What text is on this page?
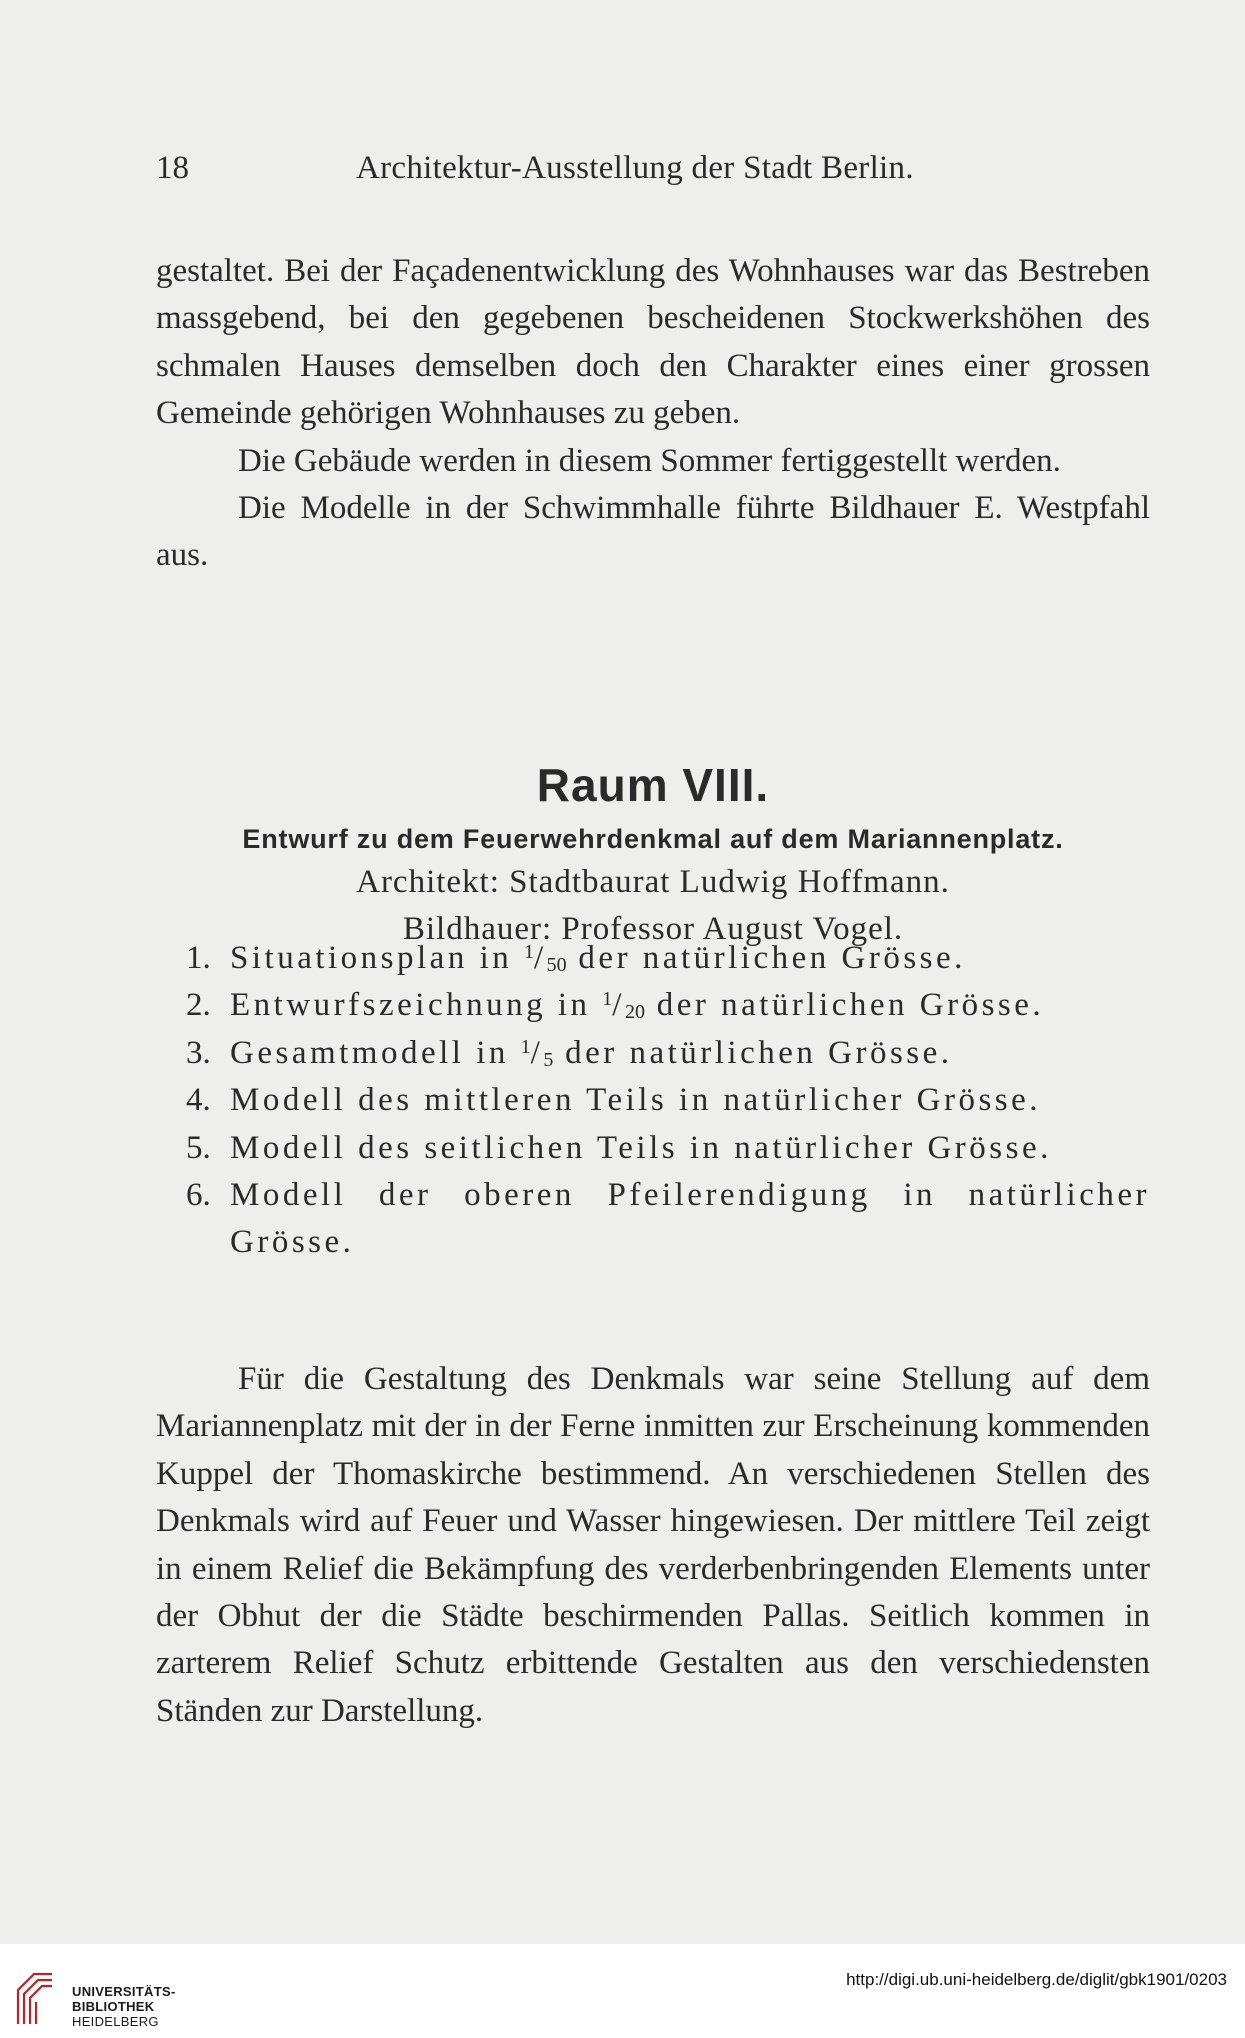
18	Architektur-Ausstellung der Stadt Berlin.

gestaltet. Bei der Façadenentwicklung des Wohnhauses war das Bestreben massgebend, bei den gegebenen bescheidenen Stockwerkshöhen des schmalen Hauses demselben doch den Charakter eines einer grossen Gemeinde gehörigen Wohnhauses zu geben.

Die Gebäude werden in diesem Sommer fertiggestellt werden.

Die Modelle in der Schwimmhalle führte Bildhauer E. Westpfahl aus.

Raum VIII.
Entwurf zu dem Feuerwehrdenkmal auf dem Mariannenplatz.
Architekt: Stadtbaurat Ludwig Hoffmann.
Bildhauer: Professor August Vogel.
1. Situationsplan in $^1/_{50}$ der natürlichen Grösse.
2. Entwurfszeichnung in $^1/_{20}$ der natürlichen Grösse.
3. Gesamtmodell in $^1/_5$ der natürlichen Grösse.
4. Modell des mittleren Teils in natürlicher Grösse.
5. Modell des seitlichen Teils in natürlicher Grösse.
6. Modell der oberen Pfeilerendigung in natürlicher Grösse.

Für die Gestaltung des Denkmals war seine Stellung auf dem Mariannenplatz mit der in der Ferne inmitten zur Erscheinung kommenden Kuppel der Thomaskirche bestimmend. An verschiedenen Stellen des Denkmals wird auf Feuer und Wasser hingewiesen. Der mittlere Teil zeigt in einem Relief die Bekämpfung des verderbenbringenden Elements unter der Obhut der die Städte beschirmenden Pallas. Seitlich kommen in zarterem Relief Schutz erbittende Gestalten aus den verschiedensten Ständen zur Darstellung.

UNIVERSITÄTS-
BIBLIOTHEK
HEIDELBERG
http://digi.ub.uni-heidelberg.de/diglit/gbk1901/0203
